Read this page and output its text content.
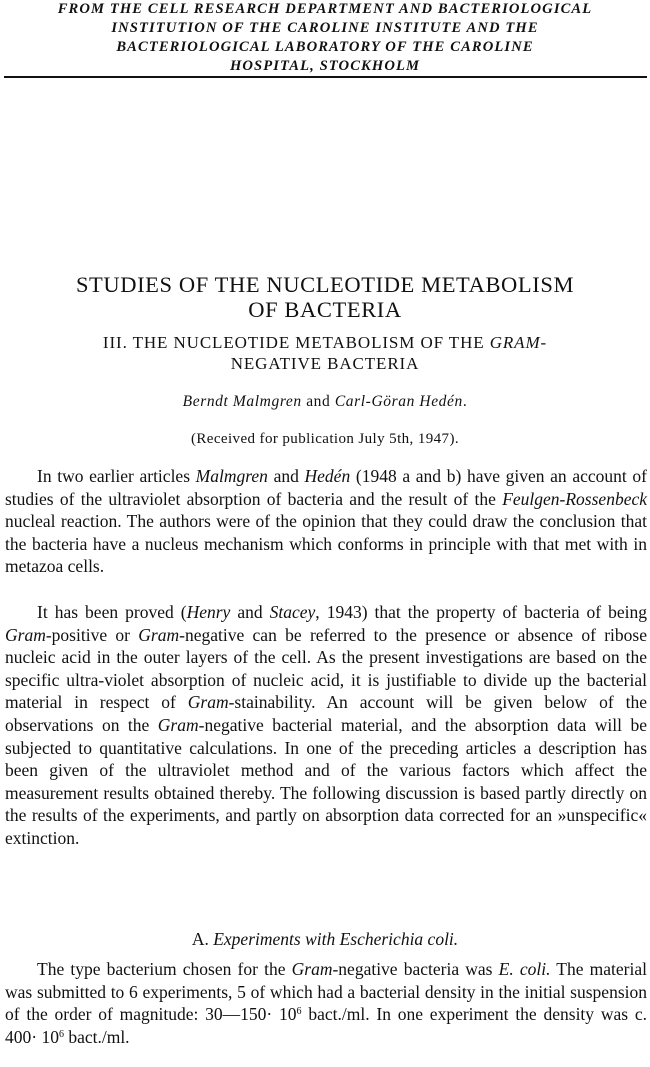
FROM THE CELL RESEARCH DEPARTMENT AND BACTERIOLOGICAL
INSTITUTION OF THE CAROLINE INSTITUTE AND THE
BACTERIOLOGICAL LABORATORY OF THE CAROLINE
HOSPITAL, STOCKHOLM
STUDIES OF THE NUCLEOTIDE METABOLISM
OF BACTERIA
III. THE NUCLEOTIDE METABOLISM OF THE GRAM-
NEGATIVE BACTERIA
Berndt Malmgren and Carl-Göran Hedén.
(Received for publication July 5th, 1947).

In two earlier articles Malmgren and Hedén (1948 a and b) have given an account of studies of the ultraviolet absorption of bacteria and the result of the Feulgen-Rossenbeck nucleal reaction. The authors were of the opinion that they could draw the conclusion that the bacteria have a nucleus mechanism which conforms in principle with that met with in metazoa cells.

It has been proved (Henry and Stacey, 1943) that the property of bacteria of being Gram-positive or Gram-negative can be referred to the presence or absence of ribose nucleic acid in the outer layers of the cell. As the present investigations are based on the specific ultra-violet absorption of nucleic acid, it is justifiable to divide up the bacterial material in respect of Gram-stainability. An account will be given below of the observations on the Gram-negative bacterial material, and the absorption data will be subjected to quantitative calculations. In one of the preceding articles a description has been given of the ultraviolet method and of the various factors which affect the measurement results obtained thereby. The following discussion is based partly directly on the results of the experiments, and partly on absorption data corrected for an »unspecific« extinction.

A. Experiments with Escherichia coli.

The type bacterium chosen for the Gram-negative bacteria was E. coli. The material was submitted to 6 experiments, 5 of which had a bacterial density in the initial suspension of the order of magnitude: 30—150· $10^6$ bact./ml. In one experiment the density was c. $400\cdot 10^6$ bact./ml.
